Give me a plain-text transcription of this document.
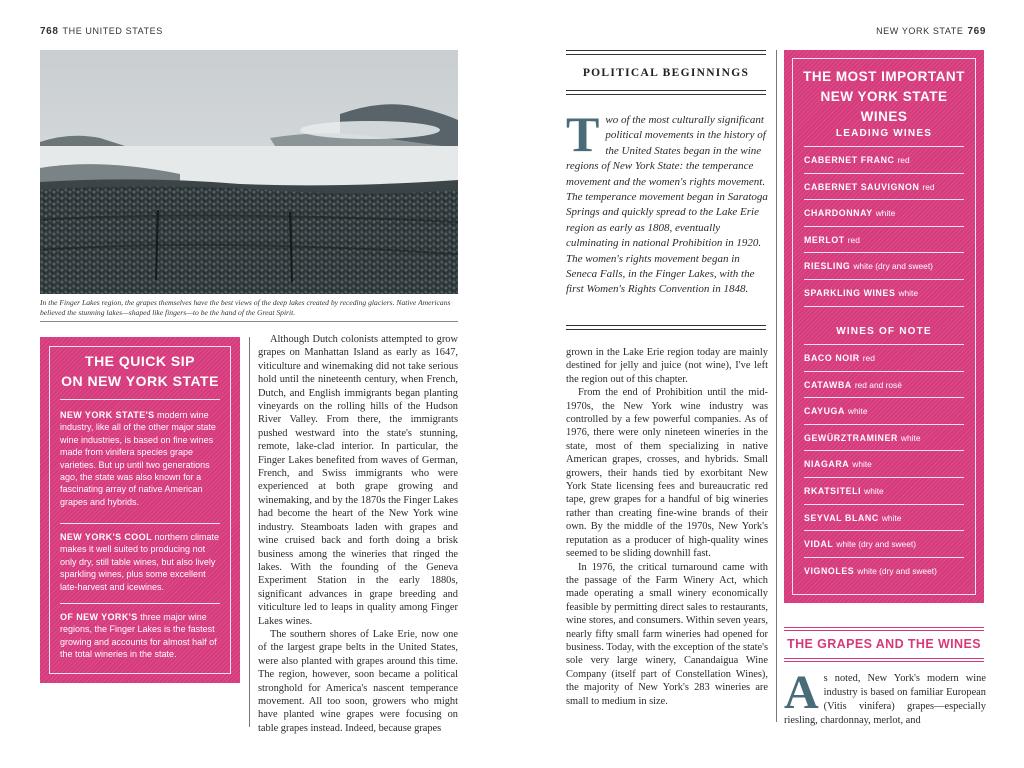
768 THE UNITED STATES	NEW YORK STATE 769
In the Finger Lakes region, the grapes themselves have the best views of the deep lakes created by receding glaciers. Native Americans believed the stunning lakes—shaped like fingers—to be the hand of the Great Spirit.
THE QUICK SIP
ON NEW YORK STATE
NEW YORK STATE'S modern wine industry, like all of the other major state wine industries, is based on fine wines made from vinifera species grape varieties. But up until two generations ago, the state was also known for a fascinating array of native American grapes and hybrids.
NEW YORK'S COOL northern climate makes it well suited to producing not only dry, still table wines, but also lively sparkling wines, plus some excellent late-harvest and icewines.
OF NEW YORK'S three major wine regions, the Finger Lakes is the fastest growing and accounts for almost half of the total wineries in the state.

Although Dutch colonists attempted to grow grapes on Manhattan Island as early as 1647, viticulture and winemaking did not take serious hold until the nineteenth century, when French, Dutch, and English immigrants began planting vineyards on the rolling hills of the Hudson River Valley. From there, the immigrants pushed westward into the state's stunning, remote, lake-clad interior. In particular, the Finger Lakes benefited from waves of German, French, and Swiss immigrants who were experienced at both grape growing and winemaking, and by the 1870s the Finger Lakes had become the heart of the New York wine industry. Steamboats laden with grapes and wine cruised back and forth doing a brisk business among the wineries that ringed the lakes. With the founding of the Geneva Experiment Station in the early 1880s, significant advances in grape breeding and viticulture led to leaps in quality among Finger Lakes wines.

The southern shores of Lake Erie, now one of the largest grape belts in the United States, were also planted with grapes around this time. The region, however, soon became a political stronghold for America's nascent temperance movement. All too soon, growers who might have planted wine grapes were focusing on table grapes instead. Indeed, because grapes

POLITICAL BEGINNINGS
Two of the most culturally significant political movements in the history of the United States began in the wine regions of New York State: the temperance movement and the women's rights movement. The temperance movement began in Saratoga Springs and quickly spread to the Lake Erie region as early as 1808, eventually culminating in national Prohibition in 1920. The women's rights movement began in Seneca Falls, in the Finger Lakes, with the first Women's Rights Convention in 1848.

grown in the Lake Erie region today are mainly destined for jelly and juice (not wine), I've left the region out of this chapter.

From the end of Prohibition until the mid-1970s, the New York wine industry was controlled by a few powerful companies. As of 1976, there were only nineteen wineries in the state, most of them specializing in native American grapes, crosses, and hybrids. Small growers, their hands tied by exorbitant New York State licensing fees and bureaucratic red tape, grew grapes for a handful of big wineries rather than creating fine-wine brands of their own. By the middle of the 1970s, New York's reputation as a producer of high-quality wines seemed to be sliding downhill fast.

In 1976, the critical turnaround came with the passage of the Farm Winery Act, which made operating a small winery economically feasible by permitting direct sales to restaurants, wine stores, and consumers. Within seven years, nearly fifty small farm wineries had opened for business. Today, with the exception of the state's sole very large winery, Canandaigua Wine Company (itself part of Constellation Wines), the majority of New York's 283 wineries are small to medium in size.

THE MOST IMPORTANT
NEW YORK STATE WINES
LEADING WINES
CABERNET FRANC red
CABERNET SAUVIGNON red
CHARDONNAY white
MERLOT red
RIESLING white (dry and sweet)
SPARKLING WINES white
WINES OF NOTE
BACO NOIR red
CATAWBA red and rosé
CAYUGA white
GEWÜRZTRAMINER white
NIAGARA white
RKATSITELI white
SEYVAL BLANC white
VIDAL white (dry and sweet)
VIGNOLES white (dry and sweet)
THE GRAPES AND THE WINES
As noted, New York's modern wine industry is based on familiar European (Vitis vinifera) grapes—especially riesling, chardonnay, merlot, and
